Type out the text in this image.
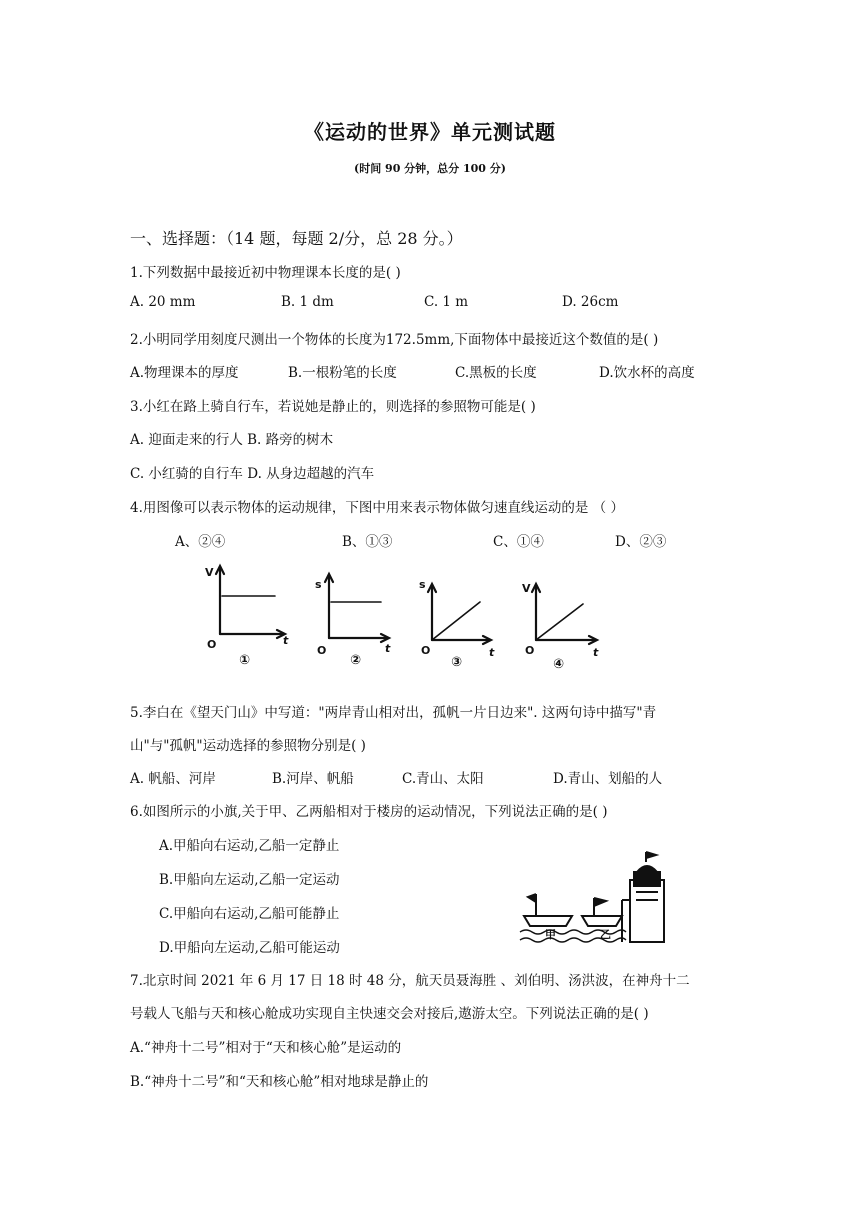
《运动的世界》单元测试题
(时间 90 分钟，总分 100 分)
一、选择题：（14 题，每题 2/分，总 28 分。）
1.下列数据中最接近初中物理课本长度的是( )
A. 20 mm	B. 1 dm	C. 1 m	D. 26cm
2.小明同学用刻度尺测出一个物体的长度为172.5mm,下面物体中最接近这个数值的是( )
A.物理课本的厚度	B.一根粉笔的长度	C.黑板的长度	D.饮水杯的高度
3.小红在路上骑自行车，若说她是静止的，则选择的参照物可能是( )
A. 迎面走来的行人 B. 路旁的树木
C. 小红骑的自行车 D. 从身边超越的汽车
4.用图像可以表示物体的运动规律，下图中用来表示物体做匀速直线运动的是 （ ）
A、②④	B、①③	C、①④	D、②③
V
O	t
①
s
O	t
②
s
O	t
③
V
O	t
④
5.李白在《望天门山》中写道："两岸青山相对出，孤帆一片日边来". 这两句诗中描写"青
山"与"孤帆"运动选择的参照物分别是( )
A. 帆船、河岸	B.河岸、帆船	C.青山、太阳	D.青山、划船的人
6.如图所示的小旗,关于甲、乙两船相对于楼房的运动情况，下列说法正确的是( )
A.甲船向右运动,乙船一定静止
B.甲船向左运动,乙船一定运动
C.甲船向右运动,乙船可能静止
D.甲船向左运动,乙船可能运动
甲	乙
7.北京时间 2021 年 6 月 17 日 18 时 48 分，航天员聂海胜 、刘伯明、汤洪波，在神舟十二
号载人飞船与天和核心舱成功实现自主快速交会对接后,遨游太空。下列说法正确的是( )
A.“神舟十二号”相对于“天和核心舱”是运动的
B.“神舟十二号”和“天和核心舱”相对地球是静止的
